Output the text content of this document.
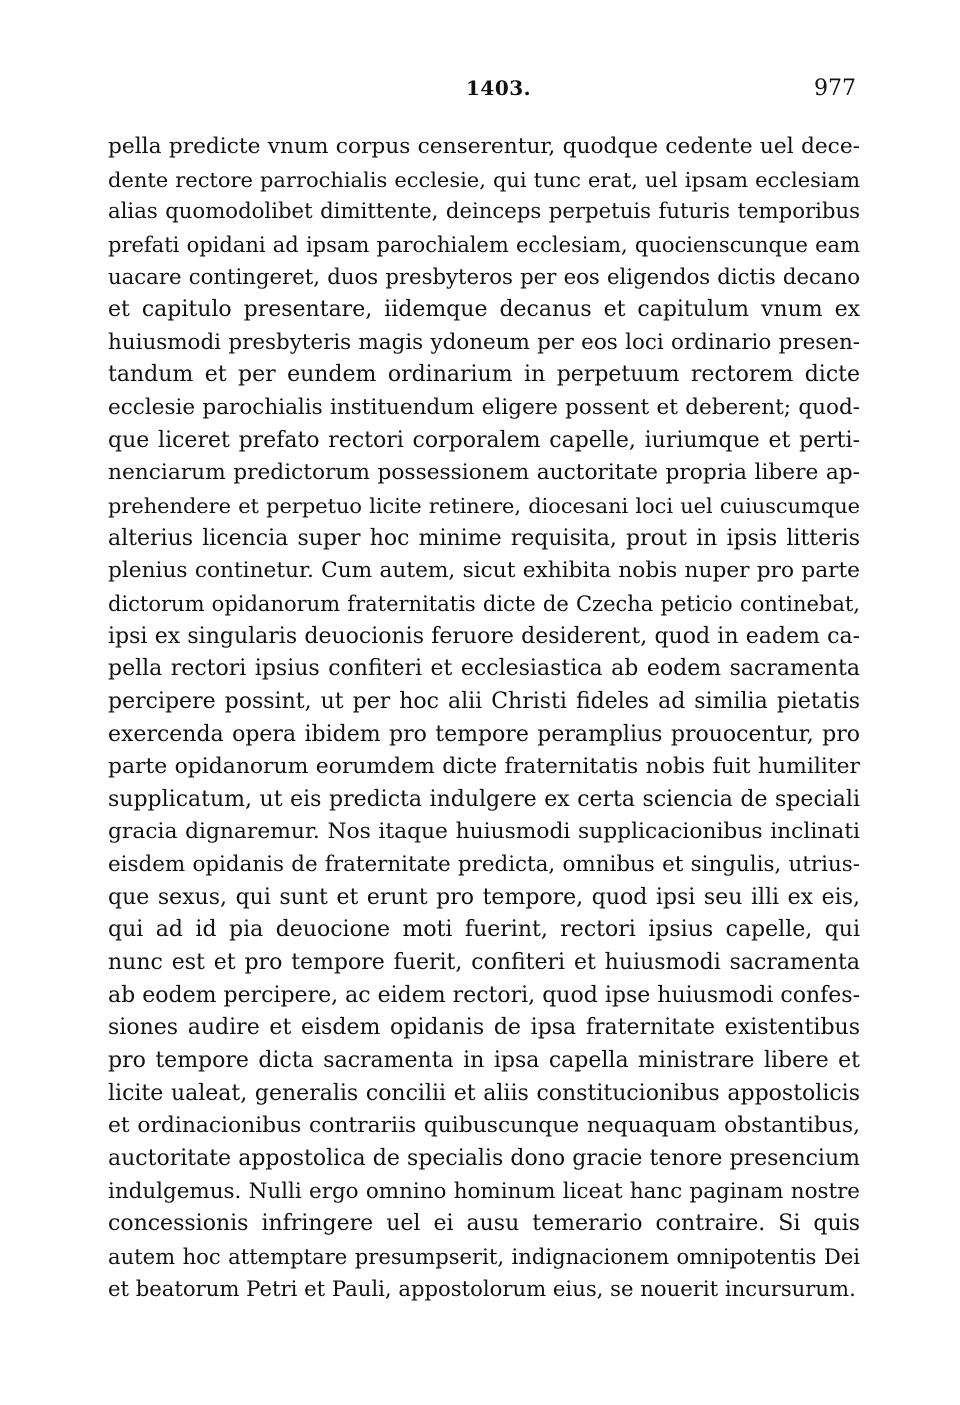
1403.	977
pella predicte vnum corpus censerentur, quodque cedente uel dece-
dente rectore parrochialis ecclesie, qui tunc erat, uel ipsam ecclesiam
alias quomodolibet dimittente, deinceps perpetuis futuris temporibus
prefati opidani ad ipsam parochialem ecclesiam, quocienscunque eam
uacare contingeret, duos presbyteros per eos eligendos dictis decano
et capitulo presentare, iidemque decanus et capitulum vnum ex
huiusmodi presbyteris magis ydoneum per eos loci ordinario presen-
tandum et per eundem ordinarium in perpetuum rectorem dicte
ecclesie parochialis instituendum eligere possent et deberent; quod-
que liceret prefato rectori corporalem capelle, iuriumque et perti-
nenciarum predictorum possessionem auctoritate propria libere ap-
prehendere et perpetuo licite retinere, diocesani loci uel cuiuscumque
alterius licencia super hoc minime requisita, prout in ipsis litteris
plenius continetur. Cum autem, sicut exhibita nobis nuper pro parte
dictorum opidanorum fraternitatis dicte de Czecha peticio continebat,
ipsi ex singularis deuocionis feruore desiderent, quod in eadem ca-
pella rectori ipsius confiteri et ecclesiastica ab eodem sacramenta
percipere possint, ut per hoc alii Christi fideles ad similia pietatis
exercenda opera ibidem pro tempore peramplius prouocentur, pro
parte opidanorum eorumdem dicte fraternitatis nobis fuit humiliter
supplicatum, ut eis predicta indulgere ex certa sciencia de speciali
gracia dignaremur. Nos itaque huiusmodi supplicacionibus inclinati
eisdem opidanis de fraternitate predicta, omnibus et singulis, utrius-
que sexus, qui sunt et erunt pro tempore, quod ipsi seu illi ex eis,
qui ad id pia deuocione moti fuerint, rectori ipsius capelle, qui
nunc est et pro tempore fuerit, confiteri et huiusmodi sacramenta
ab eodem percipere, ac eidem rectori, quod ipse huiusmodi confes-
siones audire et eisdem opidanis de ipsa fraternitate existentibus
pro tempore dicta sacramenta in ipsa capella ministrare libere et
licite ualeat, generalis concilii et aliis constitucionibus appostolicis
et ordinacionibus contrariis quibuscunque nequaquam obstantibus,
auctoritate appostolica de specialis dono gracie tenore presencium
indulgemus. Nulli ergo omnino hominum liceat hanc paginam nostre
concessionis infringere uel ei ausu temerario contraire. Si quis
autem hoc attemptare presumpserit, indignacionem omnipotentis Dei
et beatorum Petri et Pauli, appostolorum eius, se nouerit incursurum.
